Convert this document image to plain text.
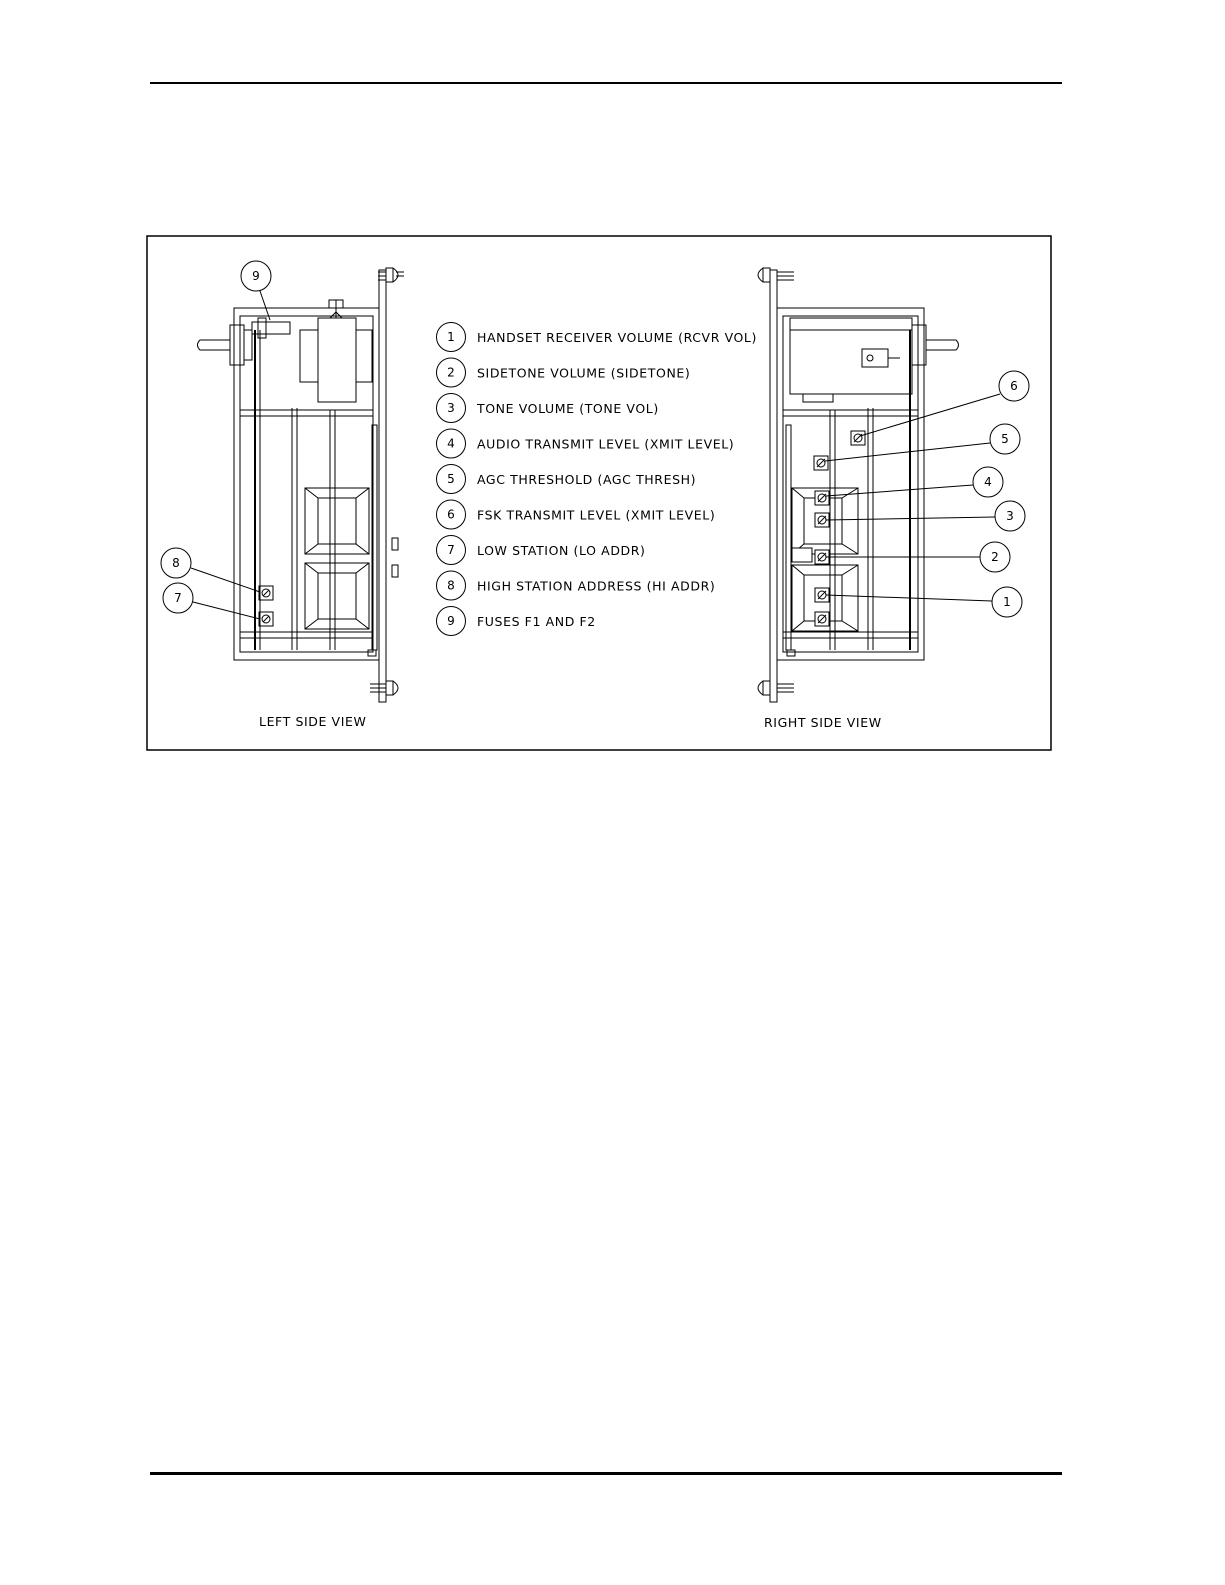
9
8
7
LEFT SIDE VIEW
6
5
4
3
2
1
RIGHT SIDE VIEW
1 HANDSET RECEIVER VOLUME (RCVR VOL)
2 SIDETONE VOLUME (SIDETONE)
3 TONE VOLUME (TONE VOL)
4 AUDIO TRANSMIT LEVEL (XMIT LEVEL)
5 AGC THRESHOLD (AGC THRESH)
6 FSK TRANSMIT LEVEL (XMIT LEVEL)
7 LOW STATION (LO ADDR)
8 HIGH STATION ADDRESS (HI ADDR)
9 FUSES F1 AND F2
